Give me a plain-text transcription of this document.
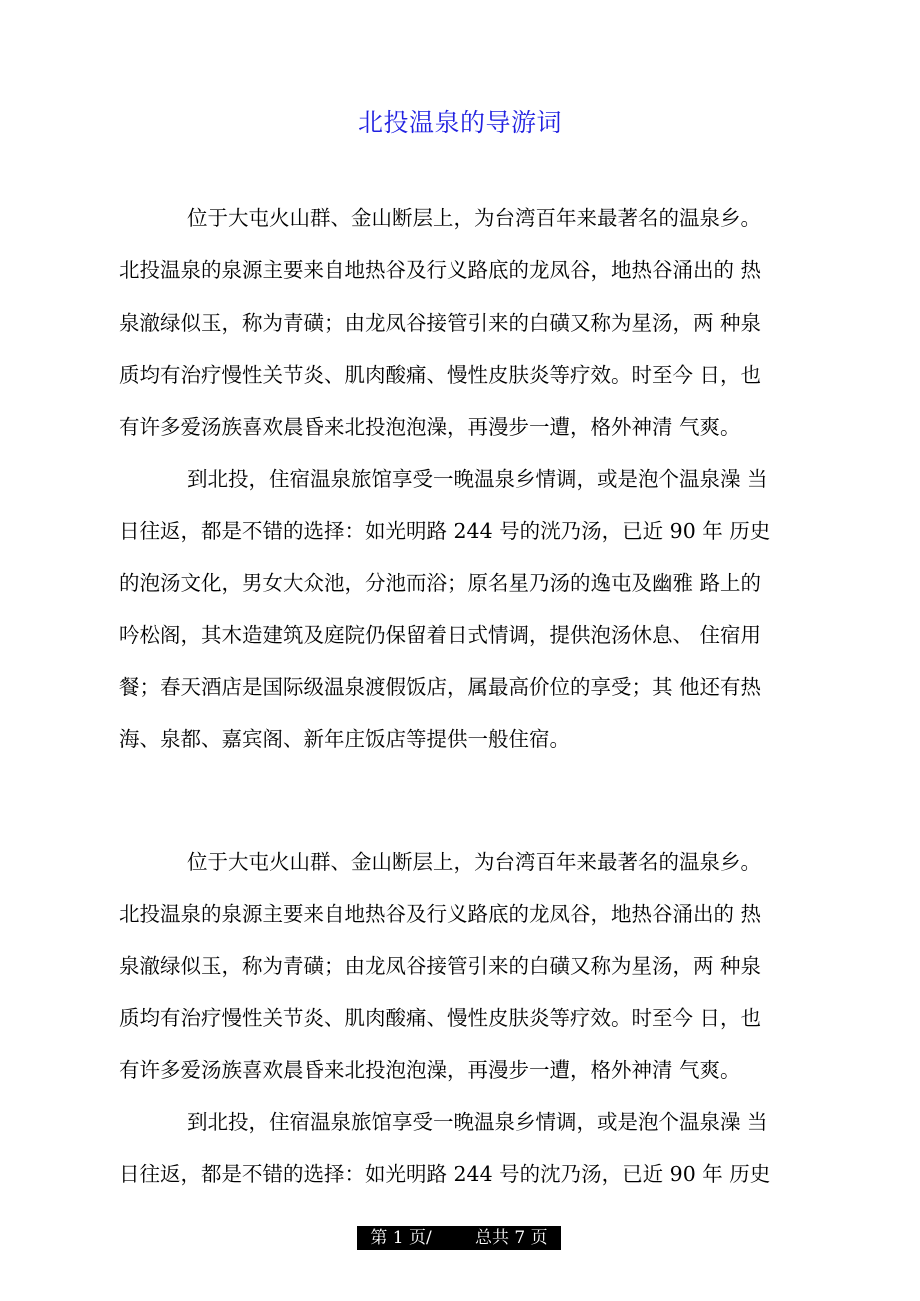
北投温泉的导游词
位于大屯火山群、金山断层上，为台湾百年来最著名的温泉乡。
北投温泉的泉源主要来自地热谷及行义路底的龙凤谷，地热谷涌出的 热
泉澈绿似玉，称为青磺；由龙凤谷接管引来的白磺又称为星汤，两 种泉
质均有治疗慢性关节炎、肌肉酸痛、慢性皮肤炎等疗效。时至今 日，也
有许多爱汤族喜欢晨昏来北投泡泡澡，再漫步一遭，格外神清 气爽。
到北投，住宿温泉旅馆享受一晚温泉乡情调，或是泡个温泉澡 当
日往返，都是不错的选择：如光明路 244 号的洸乃汤，已近 90 年 历史
的泡汤文化，男女大众池，分池而浴；原名星乃汤的逸屯及幽雅 路上的
吟松阁，其木造建筑及庭院仍保留着日式情调，提供泡汤休息、 住宿用
餐；春天酒店是国际级温泉渡假饭店，属最高价位的享受；其 他还有热
海、泉都、嘉宾阁、新年庄饭店等提供一般住宿。
位于大屯火山群、金山断层上，为台湾百年来最著名的温泉乡。
北投温泉的泉源主要来自地热谷及行义路底的龙凤谷，地热谷涌出的 热
泉澈绿似玉，称为青磺；由龙凤谷接管引来的白磺又称为星汤，两 种泉
质均有治疗慢性关节炎、肌肉酸痛、慢性皮肤炎等疗效。时至今 日，也
有许多爱汤族喜欢晨昏来北投泡泡澡，再漫步一遭，格外神清 气爽。
到北投，住宿温泉旅馆享受一晚温泉乡情调，或是泡个温泉澡 当
日往返，都是不错的选择：如光明路 244 号的沈乃汤，已近 90 年 历史
第 1 页/        总共 7 页
